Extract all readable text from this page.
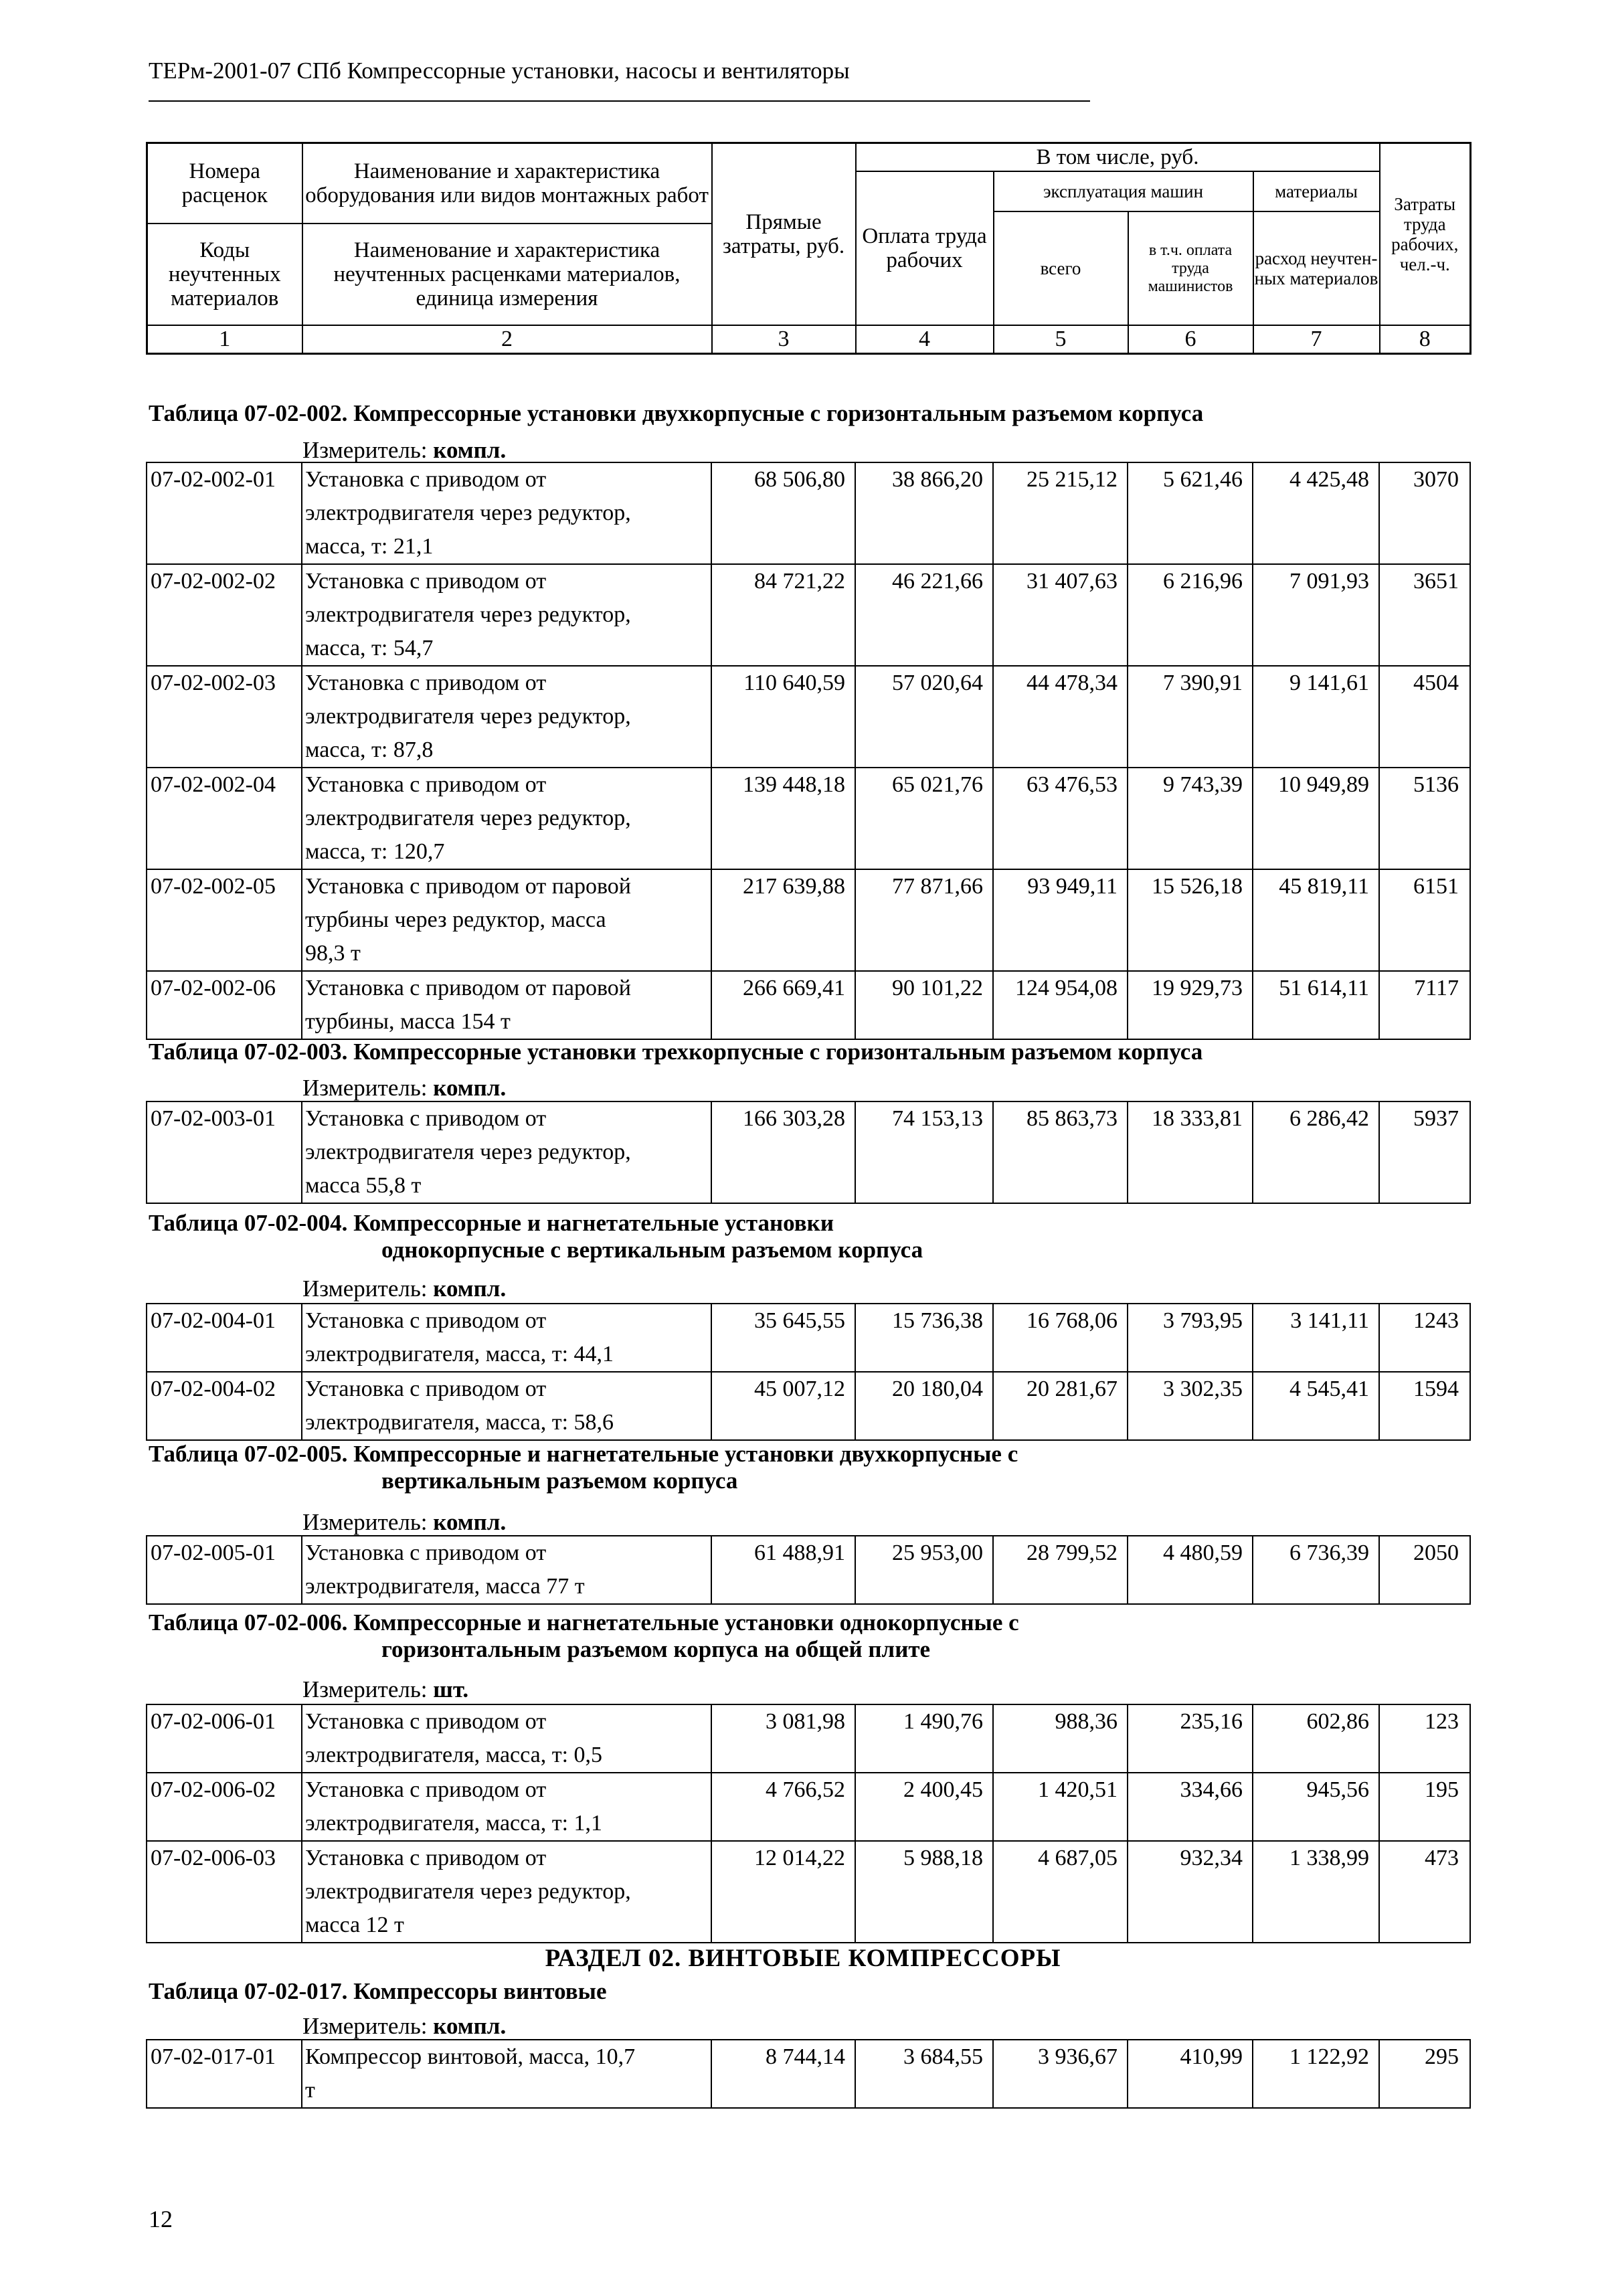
ТЕРм-2001-07 СПб Компрессорные установки, насосы и вентиляторы
Номера расценок	Наименование и характеристика оборудования или видов монтажных работ	Прямые затраты, руб.	В том числе, руб.				Затраты труда рабочих, чел.-ч.
			Оплата труда рабочих	эксплуатация машин		материалы	
				всего	в т.ч. оплата труда машинистов	расход неучтен-ных материалов	
Коды неучтенных материалов	Наименование и характеристика неучтенных расценками материалов, единица измерения						

1	2	3	4	5	6	7	8
Таблица 07-02-002. Компрессорные установки двухкорпусные с горизонтальным разъемом корпуса
Измеритель: компл.
07-02-002-01	Установка с приводом от
электродвигателя через редуктор,
масса, т: 21,1	68 506,80	38 866,20	25 215,12	5 621,46	4 425,48	3070
07-02-002-02	Установка с приводом от
электродвигателя через редуктор,
масса, т: 54,7	84 721,22	46 221,66	31 407,63	6 216,96	7 091,93	3651
07-02-002-03	Установка с приводом от
электродвигателя через редуктор,
масса, т: 87,8	110 640,59	57 020,64	44 478,34	7 390,91	9 141,61	4504
07-02-002-04	Установка с приводом от
электродвигателя через редуктор,
масса, т: 120,7	139 448,18	65 021,76	63 476,53	9 743,39	10 949,89	5136
07-02-002-05	Установка с приводом от паровой
турбины через редуктор, масса
98,3 т	217 639,88	77 871,66	93 949,11	15 526,18	45 819,11	6151
07-02-002-06	Установка с приводом от паровой
турбины, масса 154 т	266 669,41	90 101,22	124 954,08	19 929,73	51 614,11	7117
Таблица 07-02-003. Компрессорные установки трехкорпусные с горизонтальным разъемом корпуса
Измеритель: компл.
07-02-003-01	Установка с приводом от
электродвигателя через редуктор,
масса 55,8 т
	166 303,28	74 153,13	85 863,73	18 333,81	6 286,42	5937
Таблица 07-02-004. Компрессорные и нагнетательные установки
однокорпусные с вертикальным разъемом корпуса
Измеритель: компл.
07-02-004-01	Установка с приводом от
электродвигателя, масса, т: 44,1	35 645,55	15 736,38	16 768,06	3 793,95	3 141,11	1243
07-02-004-02	Установка с приводом от
электродвигателя, масса, т: 58,6	45 007,12	20 180,04	20 281,67	3 302,35	4 545,41	1594
Таблица 07-02-005. Компрессорные и нагнетательные установки двухкорпусные с
вертикальным разъемом корпуса
Измеритель: компл.
07-02-005-01	Установка с приводом от
электродвигателя, масса 77 т
	61 488,91	25 953,00	28 799,52	4 480,59	6 736,39	2050
Таблица 07-02-006. Компрессорные и нагнетательные установки однокорпусные с
горизонтальным разъемом корпуса на общей плите
Измеритель: шт.
07-02-006-01	Установка с приводом от
электродвигателя, масса, т: 0,5	3 081,98	1 490,76	988,36	235,16	602,86	123
07-02-006-02	Установка с приводом от
электродвигателя, масса, т: 1,1	4 766,52	2 400,45	1 420,51	334,66	945,56	195
07-02-006-03	Установка с приводом от
электродвигателя через редуктор,
масса 12 т	12 014,22	5 988,18	4 687,05	932,34	1 338,99	473
Таблица 07-02-017. Компрессоры винтовые
Измеритель: компл.
07-02-017-01	Компрессор винтовой, масса, 10,7
т
	8 744,14	3 684,55	3 936,67	410,99	1 122,92	295
РАЗДЕЛ 02. ВИНТОВЫЕ КОМПРЕССОРЫ
12
